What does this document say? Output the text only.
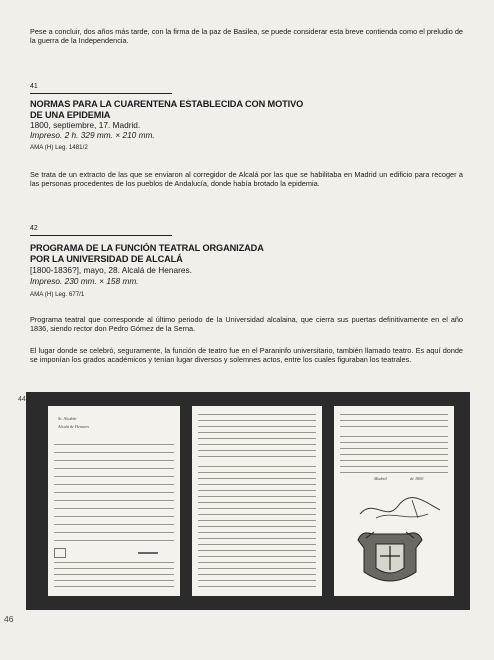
Pese a concluir, dos años más tarde, con la firma de la paz de Basilea, se puede considerar esta breve contienda como el preludio de la guerra de la Independencia.
41
NORMAS PARA LA CUARENTENA ESTABLECIDA CON MOTIVO
DE UNA EPIDEMIA
1800, septiembre, 17. Madrid.
Impreso. 2 h. 329 mm. × 210 mm.
AMA (H) Leg. 1481/2
Se trata de un extracto de las que se enviaron al corregidor de Alcalá por las que se habilitaba en Madrid un edificio para recoger a las personas procedentes de los pueblos de Andalucía, donde había brotado la epidemia.
42
PROGRAMA DE LA FUNCIÓN TEATRAL ORGANIZADA
POR LA UNIVERSIDAD DE ALCALÁ
[1800-1836?], mayo, 28. Alcalá de Henares.
Impreso. 230 mm. × 158 mm.
AMA (H) Leg. 677/1
Programa teatral que corresponde al último periodo de la Universidad alcalaina, que cierra sus puertas definitivamente en el año 1836, siendo rector don Pedro Gómez de la Serna.
El lugar donde se celebró, seguramente, la función de teatro fue en el Paraninfo universitario, también llamado teatro. Es aquí donde se imponían los grados académicos y tenían lugar diversos y solemnes actos, entre los cuales figuraban los teatrales.
44
Sr. Alcalde
Alcalá de Henares
Madrid	de 1800
46
